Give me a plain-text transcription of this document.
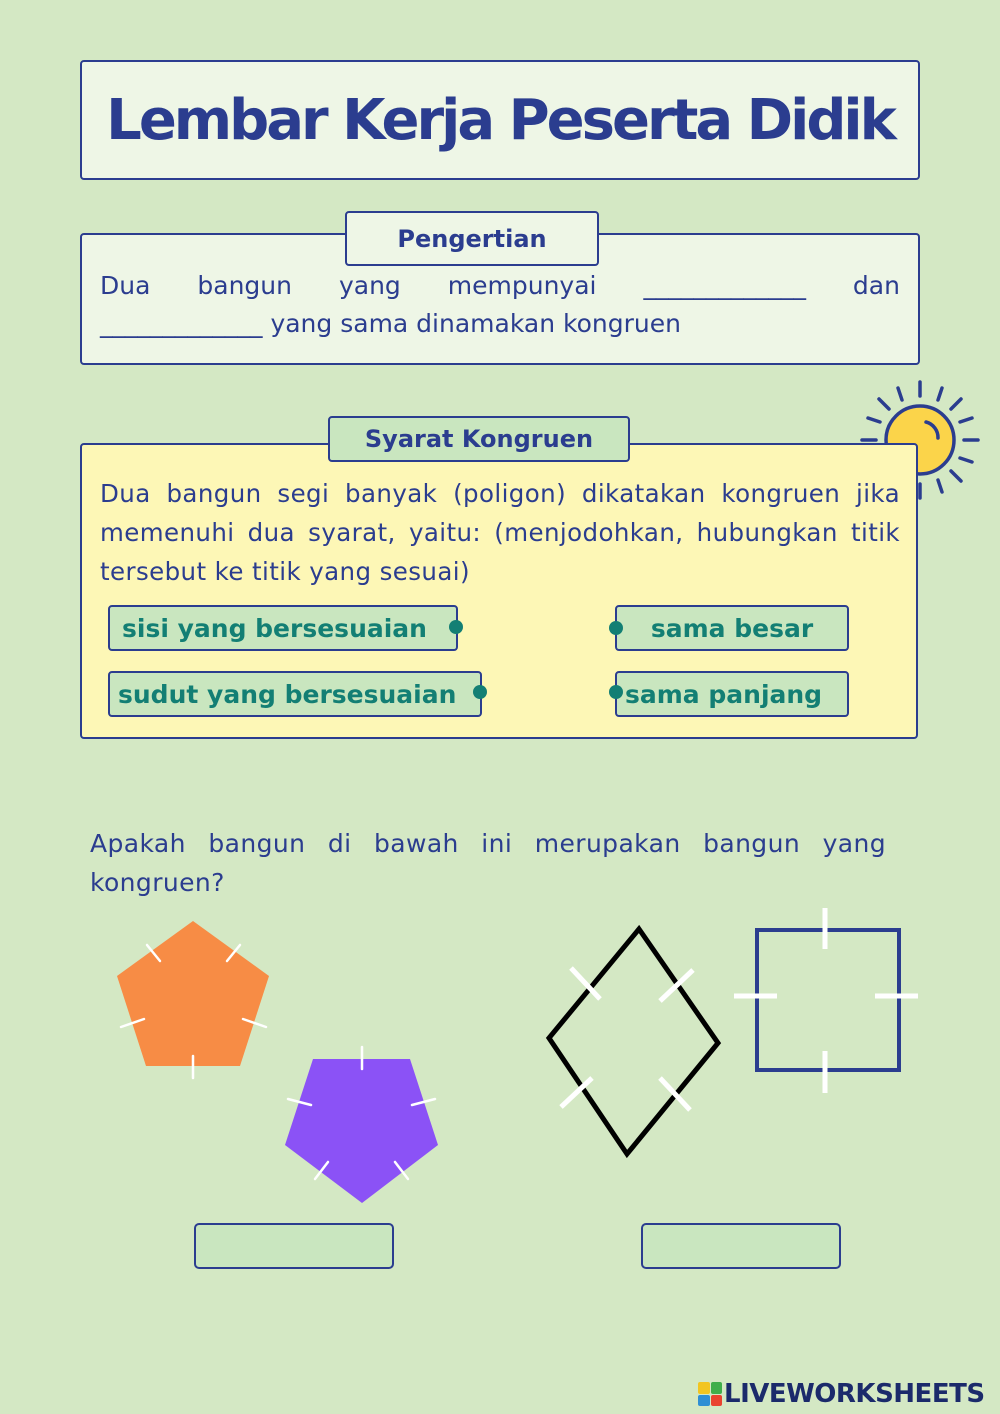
Lembar Kerja Peserta Didik
Pengertian
Dua bangun yang mempunyai _____________ dan
_____________ yang sama dinamakan kongruen
Syarat Kongruen
Dua bangun segi banyak (poligon) dikatakan kongruen jika memenuhi dua syarat, yaitu: (menjodohkan, hubungkan titik tersebut ke titik yang sesuai)
sisi yang bersesuaian
sudut yang bersesuaian
sama besar
sama panjang
Apakah bangun di bawah ini merupakan bangun yang kongruen?
LIVEWORKSHEETS
